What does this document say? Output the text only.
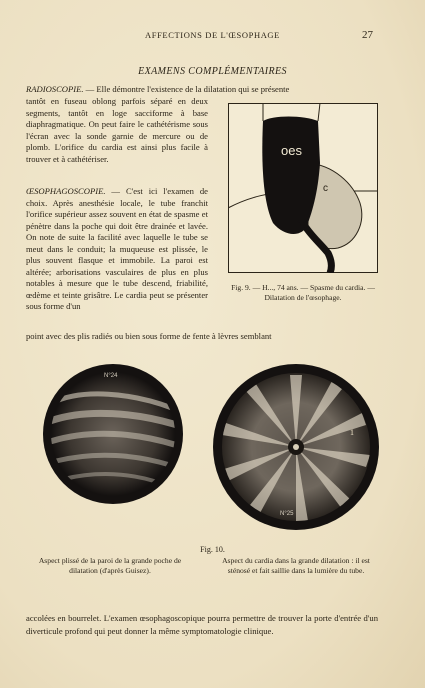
AFFECTIONS DE L'ŒSOPHAGE	27
EXAMENS COMPLÉMENTAIRES
RADIOSCOPIE. — Elle démontre l'existence de la dilatation qui se présente
tantôt en fuseau oblong parfois séparé en deux segments, tantôt en loge sacciforme à base diaphragmatique. On peut faire le cathétérisme sous l'écran avec la sonde garnie de mercure ou de plomb. L'orifice du cardia est ainsi plus facile à trouver et à cathétériser.
ŒSOPHAGOSCOPIE. — C'est ici l'examen de choix. Après anesthésie locale, le tube franchit l'orifice supérieur assez souvent en état de spasme et pénètre dans la poche qui doit être drainée et lavée. On note de suite la facilité avec laquelle le tube se meut dans le conduit; la muqueuse est plissée, le plus souvent flasque et immobile. La paroi est altérée; arborisations vasculaires de plus en plus notables à mesure que le tube descend, friabilité, œdème et teinte grisâtre. Le cardia peut se présenter sous forme d'un
point avec des plis radiés ou bien sous forme de fente à lèvres semblant
oes
c
Fig. 9. — H..., 74 ans. — Spasme du cardia. — Dilatation de l'œsophage.
N°24
1
N°25
Fig. 10.
Aspect plissé de la paroi de la grande poche de dilatation (d'après Guisez).
Aspect du cardia dans la grande dilatation : il est sténosé et fait saillie dans la lumière du tube.
accolées en bourrelet. L'examen œsophagoscopique pourra permettre de trouver la porte d'entrée d'un diverticule profond qui peut donner la même symptomatologie clinique.
